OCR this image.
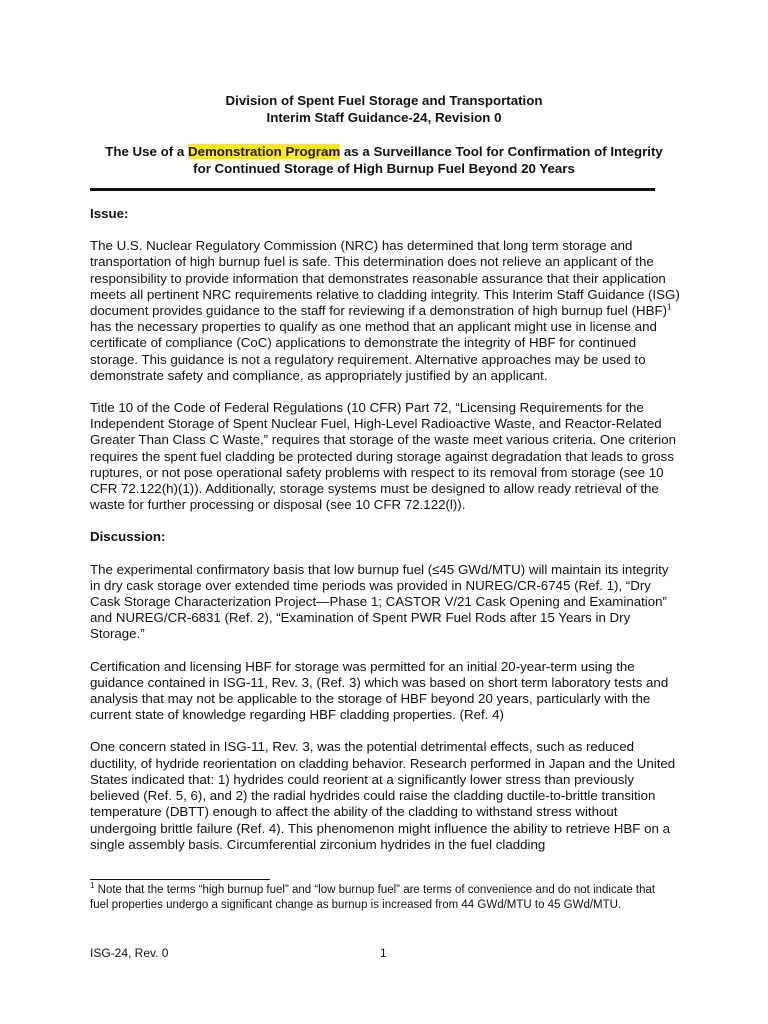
Division of Spent Fuel Storage and Transportation
Interim Staff Guidance-24, Revision 0
The Use of a Demonstration Program as a Surveillance Tool for Confirmation of Integrity
for Continued Storage of High Burnup Fuel Beyond 20 Years
Issue:

The U.S. Nuclear Regulatory Commission (NRC) has determined that long term storage and transportation of high burnup fuel is safe. This determination does not relieve an applicant of the responsibility to provide information that demonstrates reasonable assurance that their application meets all pertinent NRC requirements relative to cladding integrity. This Interim Staff Guidance (ISG) document provides guidance to the staff for reviewing if a demonstration of high burnup fuel (HBF)$^1$ has the necessary properties to qualify as one method that an applicant might use in license and certificate of compliance (CoC) applications to demonstrate the integrity of HBF for continued storage. This guidance is not a regulatory requirement. Alternative approaches may be used to demonstrate safety and compliance, as appropriately justified by an applicant.

Title 10 of the Code of Federal Regulations (10 CFR) Part 72, “Licensing Requirements for the Independent Storage of Spent Nuclear Fuel, High-Level Radioactive Waste, and Reactor-Related Greater Than Class C Waste,” requires that storage of the waste meet various criteria. One criterion requires the spent fuel cladding be protected during storage against degradation that leads to gross ruptures, or not pose operational safety problems with respect to its removal from storage (see 10 CFR 72.122(h)(1)). Additionally, storage systems must be designed to allow ready retrieval of the waste for further processing or disposal (see 10 CFR 72.122(l)).

Discussion:

The experimental confirmatory basis that low burnup fuel (≤45 GWd/MTU) will maintain its integrity in dry cask storage over extended time periods was provided in NUREG/CR-6745 (Ref. 1), “Dry Cask Storage Characterization Project—Phase 1; CASTOR V/21 Cask Opening and Examination” and NUREG/CR-6831 (Ref. 2), “Examination of Spent PWR Fuel Rods after 15 Years in Dry Storage.”

Certification and licensing HBF for storage was permitted for an initial 20-year-term using the guidance contained in ISG-11, Rev. 3, (Ref. 3) which was based on short term laboratory tests and analysis that may not be applicable to the storage of HBF beyond 20 years, particularly with the current state of knowledge regarding HBF cladding properties. (Ref. 4)

One concern stated in ISG-11, Rev. 3, was the potential detrimental effects, such as reduced ductility, of hydride reorientation on cladding behavior. Research performed in Japan and the United States indicated that: 1) hydrides could reorient at a significantly lower stress than previously believed (Ref. 5, 6), and 2) the radial hydrides could raise the cladding ductile-to-brittle transition temperature (DBTT) enough to affect the ability of the cladding to withstand stress without undergoing brittle failure (Ref. 4). This phenomenon might influence the ability to retrieve HBF on a single assembly basis. Circumferential zirconium hydrides in the fuel cladding

$^1$ Note that the terms “high burnup fuel” and “low burnup fuel” are terms of convenience and do not indicate that fuel properties undergo a significant change as burnup is increased from 44 GWd/MTU to 45 GWd/MTU.
ISG-24, Rev. 0	1
